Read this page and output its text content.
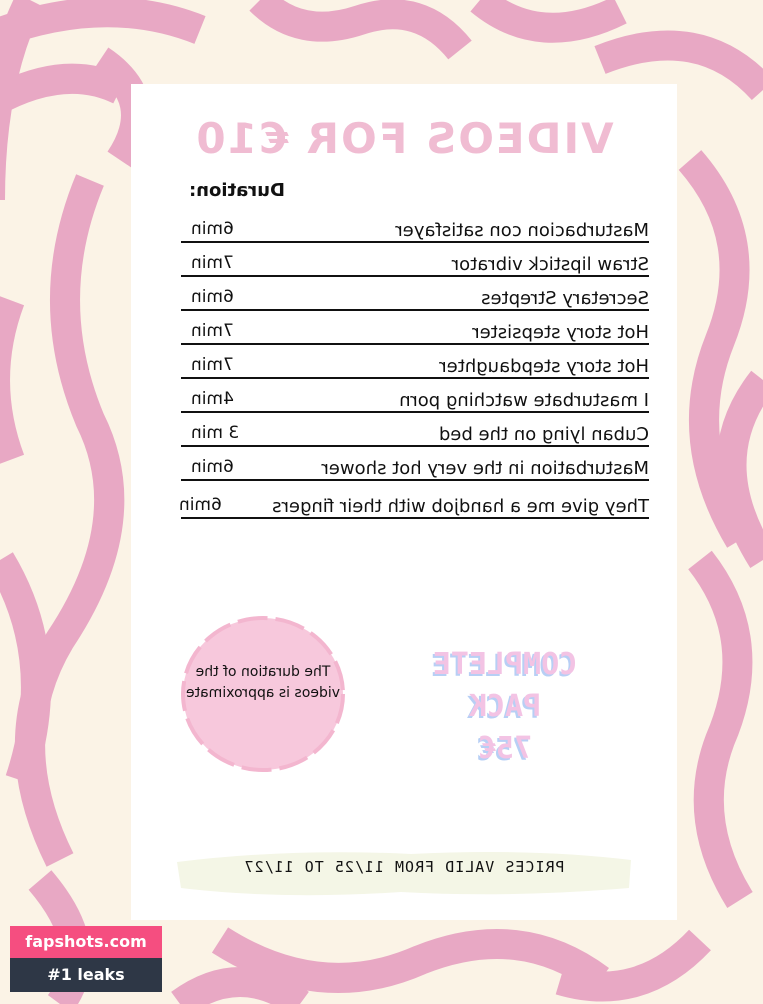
VIDEOS FOR €10
Duration:
Masturbacion con satisfayer
6min
Straw lipstick vibrator
7min
Secretary Streptes
6min
Hot story stepsister
7min
Hot story stepdaughter
7min
I masturbate watching porn
4min
Cuban lying on the bed
3 min
Masturbation in the very hot shower
6min
They give me a handjob with their fingers
6min
The duration of the videos is approximate
COMPLETE
PACK
75€
PRICES VALID FROM 11/25 TO 11/27
fapshots.com
#1 leaks
